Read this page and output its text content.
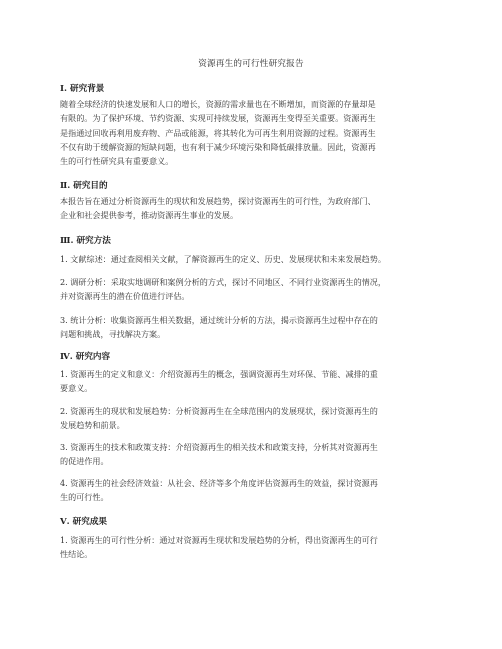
资源再生的可行性研究报告
Ⅰ. 研究背景
随着全球经济的快速发展和人口的增长，资源的需求量也在不断增加，而资源的存量却是
有限的。为了保护环境、节约资源、实现可持续发展，资源再生变得至关重要。资源再生
是指通过回收再利用废弃物、产品或能源，将其转化为可再生利用资源的过程。资源再生
不仅有助于缓解资源的短缺问题，也有利于减少环境污染和降低碳排放量。因此，资源再
生的可行性研究具有重要意义。
Ⅱ. 研究目的
本报告旨在通过分析资源再生的现状和发展趋势，探讨资源再生的可行性，为政府部门、
企业和社会提供参考，推动资源再生事业的发展。
Ⅲ. 研究方法
1. 文献综述：通过查阅相关文献，了解资源再生的定义、历史、发展现状和未来发展趋势。
2. 调研分析：采取实地调研和案例分析的方式，探讨不同地区、不同行业资源再生的情况，
并对资源再生的潜在价值进行评估。
3. 统计分析：收集资源再生相关数据，通过统计分析的方法，揭示资源再生过程中存在的
问题和挑战，寻找解决方案。
Ⅳ. 研究内容
1. 资源再生的定义和意义：介绍资源再生的概念，强调资源再生对环保、节能、减排的重
要意义。
2. 资源再生的现状和发展趋势：分析资源再生在全球范围内的发展现状，探讨资源再生的
发展趋势和前景。
3. 资源再生的技术和政策支持：介绍资源再生的相关技术和政策支持，分析其对资源再生
的促进作用。
4. 资源再生的社会经济效益：从社会、经济等多个角度评估资源再生的效益，探讨资源再
生的可行性。
Ⅴ. 研究成果
1. 资源再生的可行性分析：通过对资源再生现状和发展趋势的分析，得出资源再生的可行
性结论。
